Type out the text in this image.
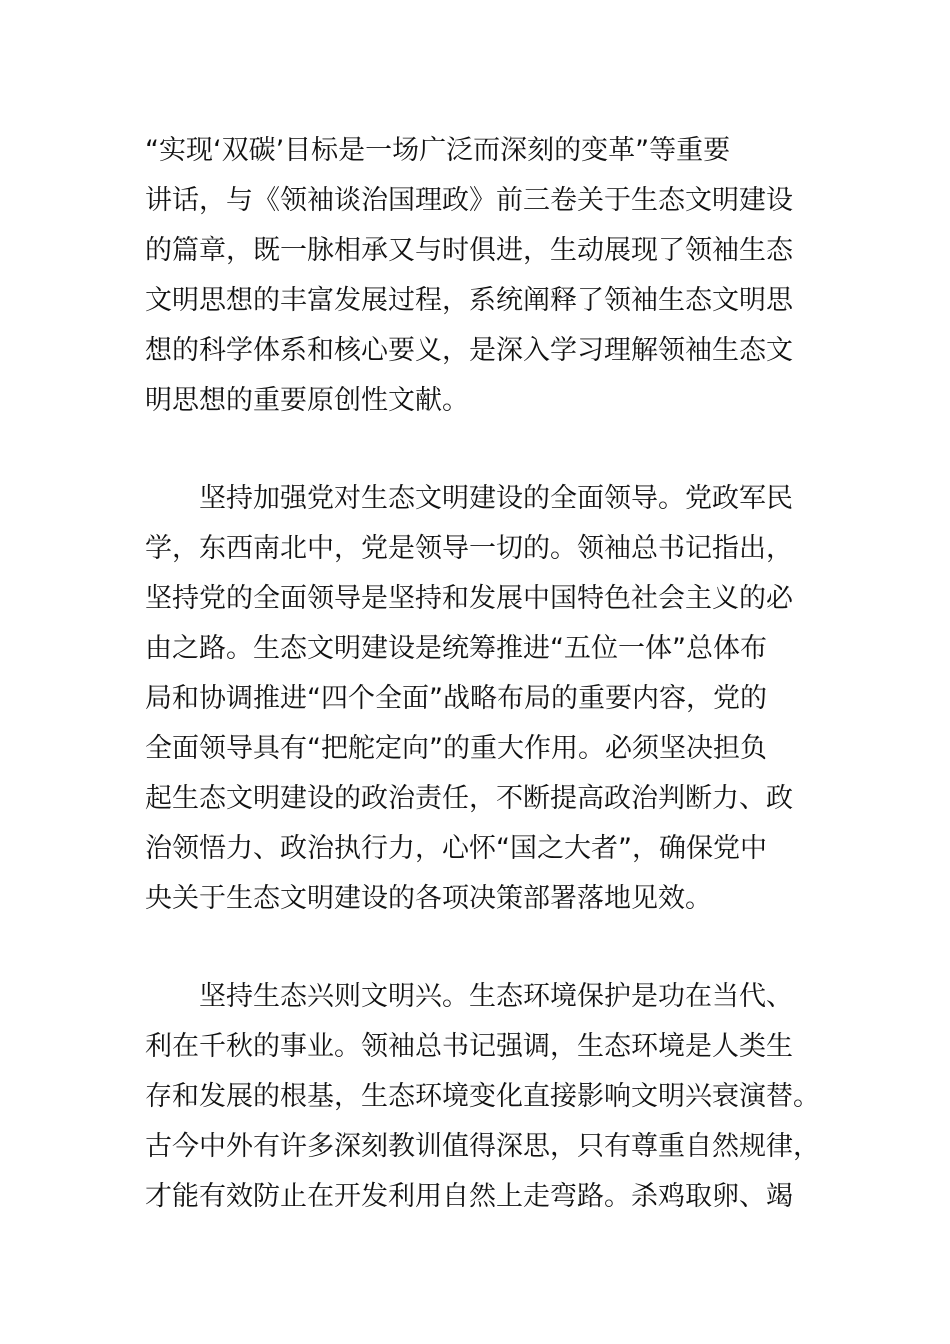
“实现‘双碳’目标是一场广泛而深刻的变革”等重要
讲话，与《领袖谈治国理政》前三卷关于生态文明建设
的篇章，既一脉相承又与时俱进，生动展现了领袖生态
文明思想的丰富发展过程，系统阐释了领袖生态文明思
想的科学体系和核心要义，是深入学习理解领袖生态文
明思想的重要原创性文献。
　　坚持加强党对生态文明建设的全面领导。党政军民
学，东西南北中，党是领导一切的。领袖总书记指出，
坚持党的全面领导是坚持和发展中国特色社会主义的必
由之路。生态文明建设是统筹推进“五位一体”总体布
局和协调推进“四个全面”战略布局的重要内容，党的
全面领导具有“把舵定向”的重大作用。必须坚决担负
起生态文明建设的政治责任，不断提高政治判断力、政
治领悟力、政治执行力，心怀“国之大者”，确保党中
央关于生态文明建设的各项决策部署落地见效。
　　坚持生态兴则文明兴。生态环境保护是功在当代、
利在千秋的事业。领袖总书记强调，生态环境是人类生
存和发展的根基，生态环境变化直接影响文明兴衰演替。
古今中外有许多深刻教训值得深思，只有尊重自然规律，
才能有效防止在开发利用自然上走弯路。杀鸡取卵、竭
